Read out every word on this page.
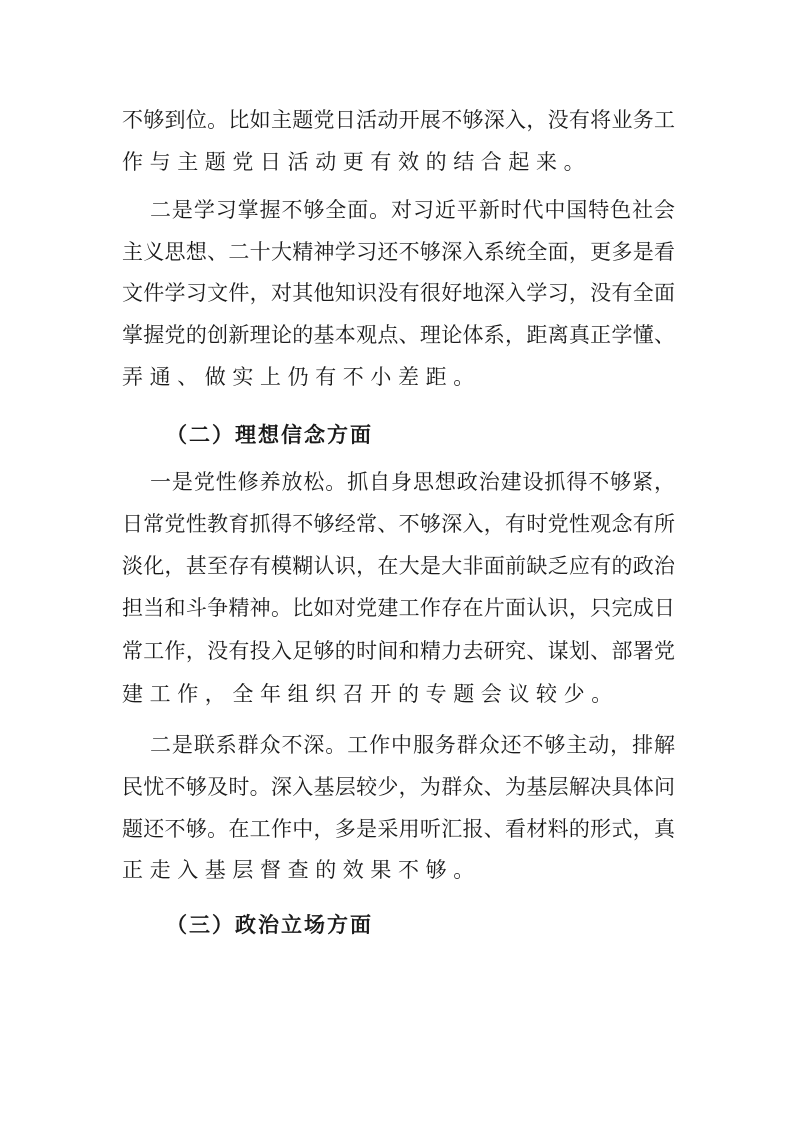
不够到位。比如主题党日活动开展不够深入，没有将业务工
作与主题党日活动更有效的结合起来。
二是学习掌握不够全面。对习近平新时代中国特色社会
主义思想、二十大精神学习还不够深入系统全面，更多是看
文件学习文件，对其他知识没有很好地深入学习，没有全面
掌握党的创新理论的基本观点、理论体系，距离真正学懂、
弄通、做实上仍有不小差距。
（二）理想信念方面
一是党性修养放松。抓自身思想政治建设抓得不够紧，
日常党性教育抓得不够经常、不够深入，有时党性观念有所
淡化，甚至存有模糊认识，在大是大非面前缺乏应有的政治
担当和斗争精神。比如对党建工作存在片面认识，只完成日
常工作，没有投入足够的时间和精力去研究、谋划、部署党
建工作，全年组织召开的专题会议较少。
二是联系群众不深。工作中服务群众还不够主动，排解
民忧不够及时。深入基层较少，为群众、为基层解决具体问
题还不够。在工作中，多是采用听汇报、看材料的形式，真
正走入基层督查的效果不够。
（三）政治立场方面
